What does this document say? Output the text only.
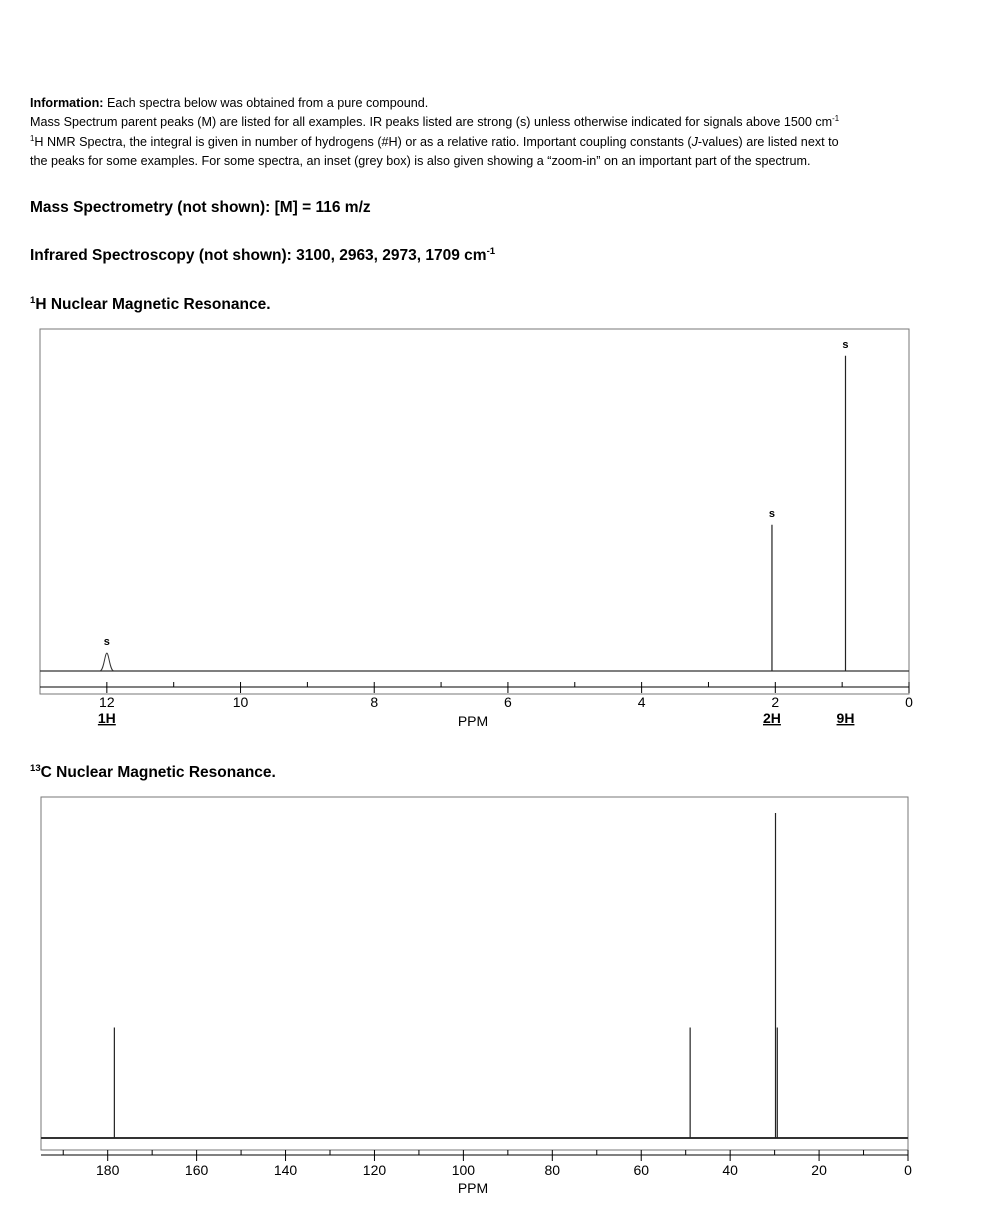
Information: Each spectra below was obtained from a pure compound.

Mass Spectrum parent peaks (M) are listed for all examples. IR peaks listed are strong (s) unless otherwise indicated for signals above 1500 $cm^{-1}$

$^1$H NMR Spectra, the integral is given in number of hydrogens (#H) or as a relative ratio. Important coupling constants (J-values) are listed next to

the peaks for some examples. For some spectra, an inset (grey box) is also given showing a “zoom-in” on an important part of the spectrum.

Mass Spectrometry (not shown): [M] = 116 m/z
Infrared Spectroscopy (not shown): 3100, 2963, 2973, 1709 $cm^{-1}$
$^1$H Nuclear Magnetic Resonance.
12	10	8	6	4	2	0
PPM
s
1H
s
2H
s
9H
$^{13}$C Nuclear Magnetic Resonance.
180	160	140	120	100	80	60	40	20	0
PPM
